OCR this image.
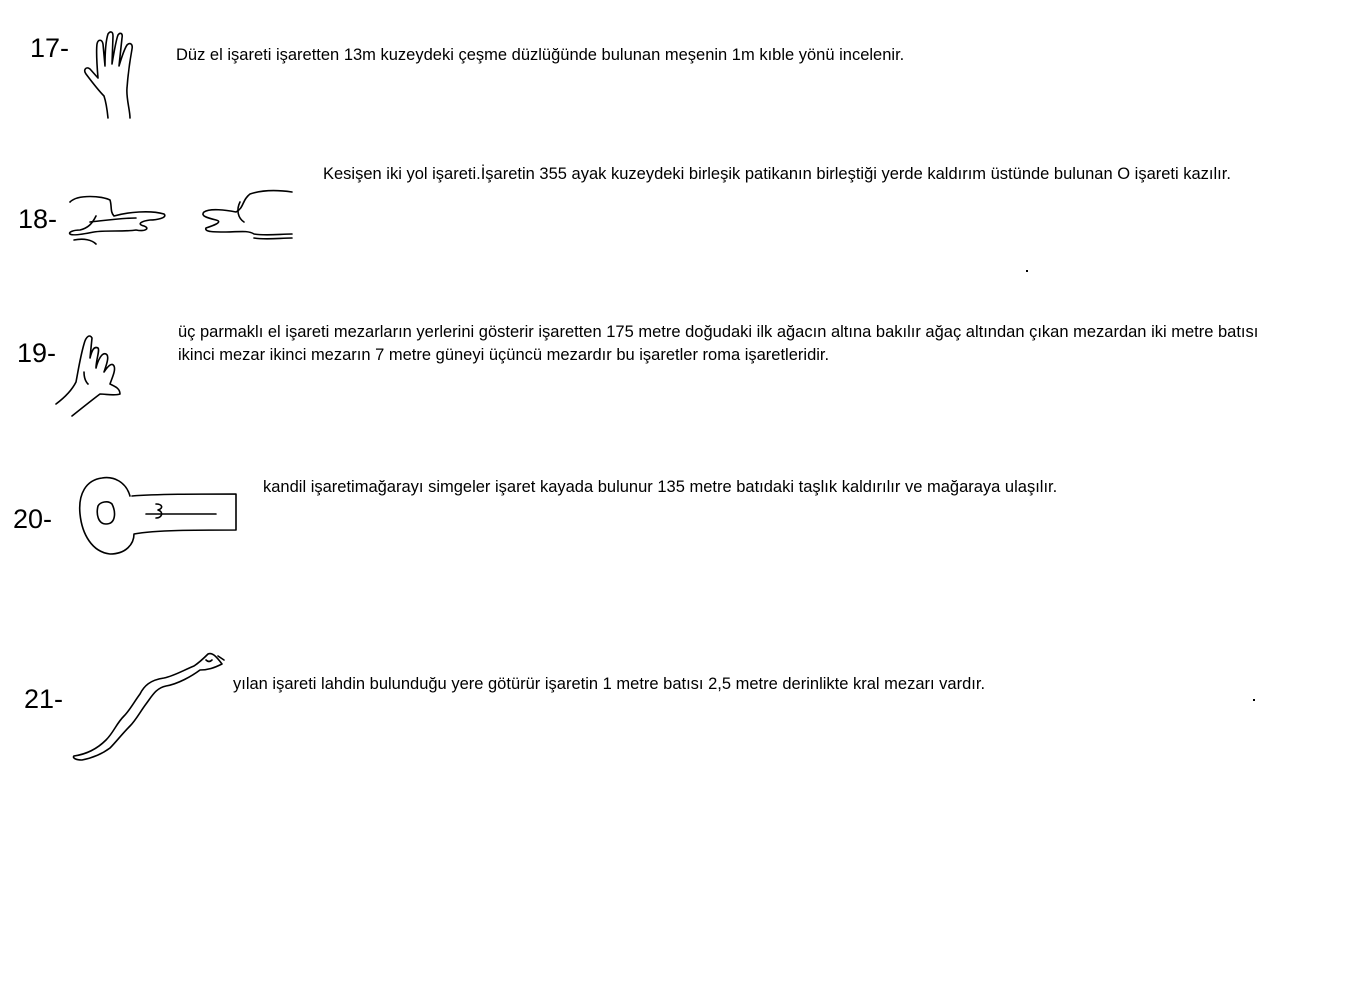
17-	Düz el işareti işaretten 13m kuzeydeki çeşme düzlüğünde bulunan meşenin 1m kıble yönü incelenir.
18-
Kesişen iki yol işareti.İşaretin 355 ayak kuzeydeki birleşik patikanın birleştiği yerde kaldırım üstünde bulunan O işareti kazılır.
19-
üç parmaklı el işareti mezarların yerlerini gösterir işaretten 175 metre doğudaki ilk ağacın altına bakılır ağaç altından çıkan mezardan iki metre batısı ikinci mezar ikinci mezarın 7 metre güneyi üçüncü mezardır bu işaretler roma işaretleridir.
20-
kandil işaretimağarayı simgeler işaret kayada bulunur 135 metre batıdaki taşlık kaldırılır ve mağaraya ulaşılır.
21-	yılan işareti lahdin bulunduğu yere götürür işaretin 1 metre batısı 2,5 metre derinlikte kral mezarı vardır.
